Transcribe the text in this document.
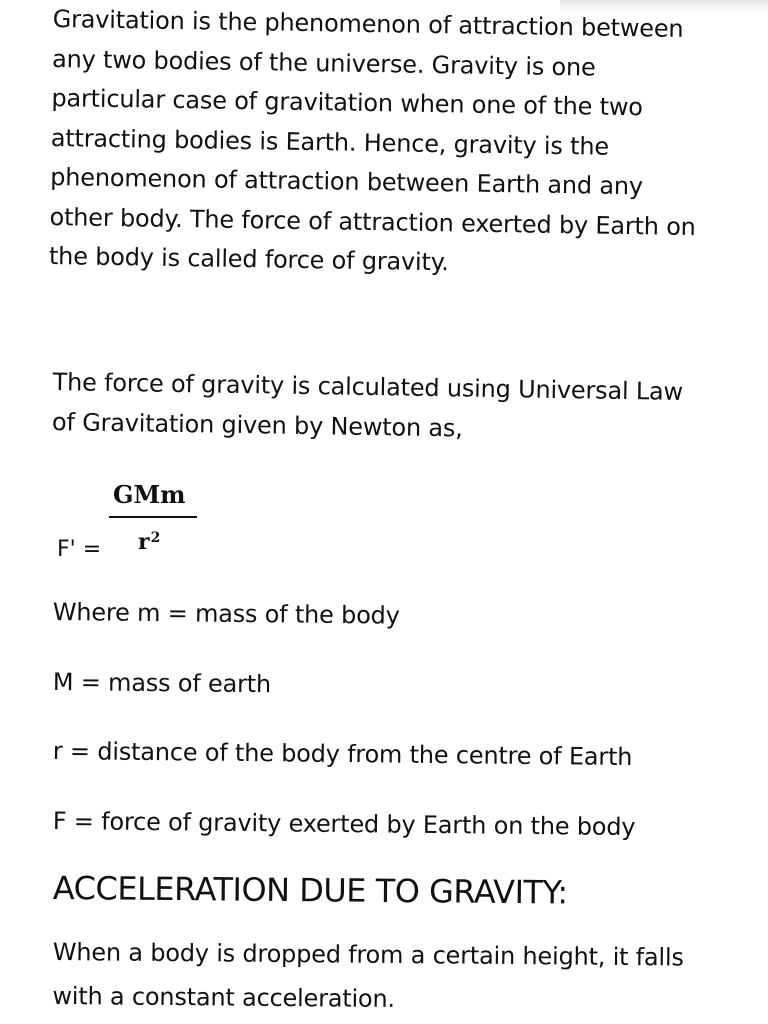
Gravitation is the phenomenon of attraction between any two bodies of the universe. Gravity is one particular case of gravitation when one of the two attracting bodies is Earth. Hence, gravity is the phenomenon of attraction between Earth and any other body. The force of attraction exerted by Earth on the body is called force of gravity.

The force of gravity is calculated using Universal Law of Gravitation given by Newton as,

F' =
GMm
$r^2$

Where m = mass of the body

M = mass of earth

r = distance of the body from the centre of Earth

F = force of gravity exerted by Earth on the body

ACCELERATION DUE TO GRAVITY:

When a body is dropped from a certain height, it falls with a constant acceleration.
